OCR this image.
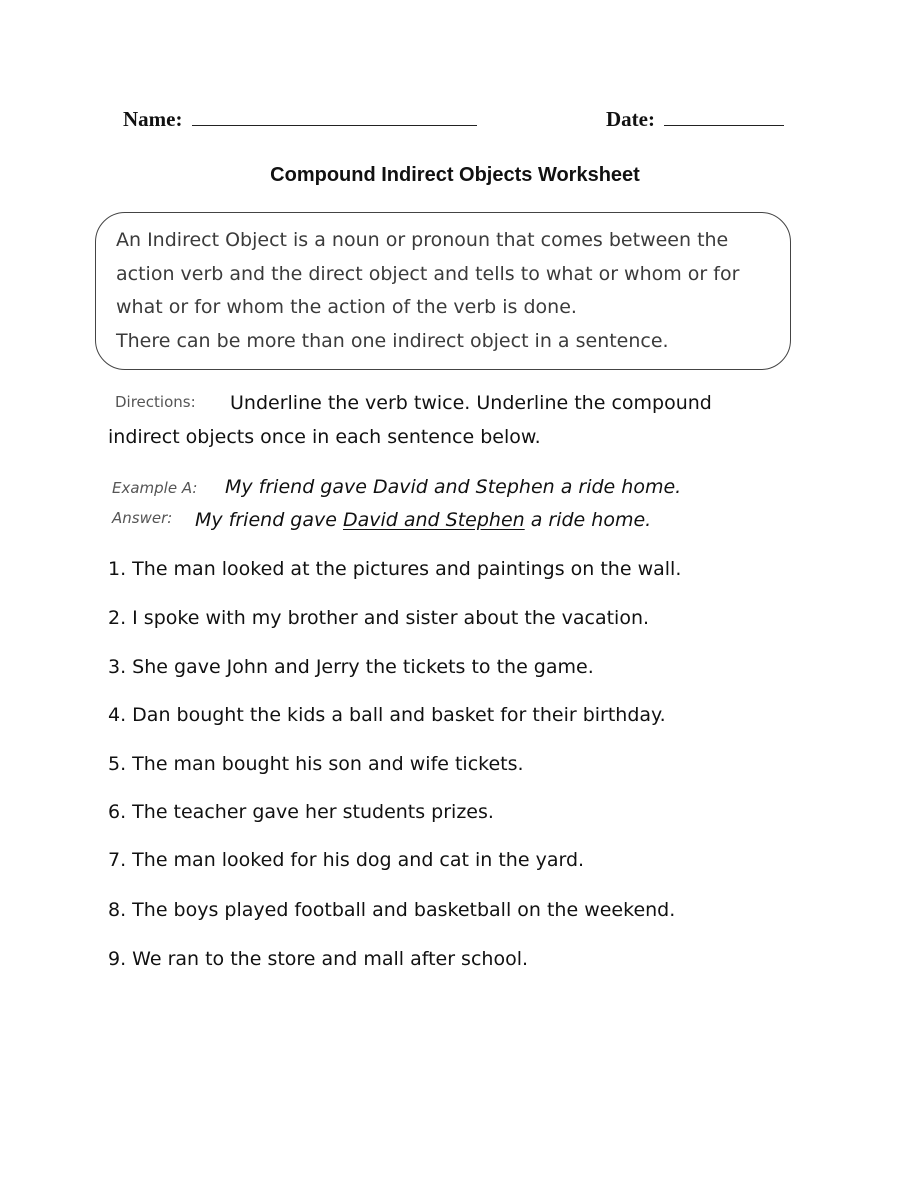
Name:	Date:
Compound Indirect Objects Worksheet
An Indirect Object is a noun or pronoun that comes between the
action verb and the direct object and tells to what or whom or for
what or for whom the action of the verb is done.
There can be more than one indirect object in a sentence.
Directions: Underline the verb twice. Underline the compound
indirect objects once in each sentence below.
Example A: My friend gave David and Stephen a ride home.
Answer: My friend gave David and Stephen a ride home.
1. The man looked at the pictures and paintings on the wall.
2. I spoke with my brother and sister about the vacation.
3. She gave John and Jerry the tickets to the game.
4. Dan bought the kids a ball and basket for their birthday.
5. The man bought his son and wife tickets.
6. The teacher gave her students prizes.
7. The man looked for his dog and cat in the yard.
8. The boys played football and basketball on the weekend.
9. We ran to the store and mall after school.
